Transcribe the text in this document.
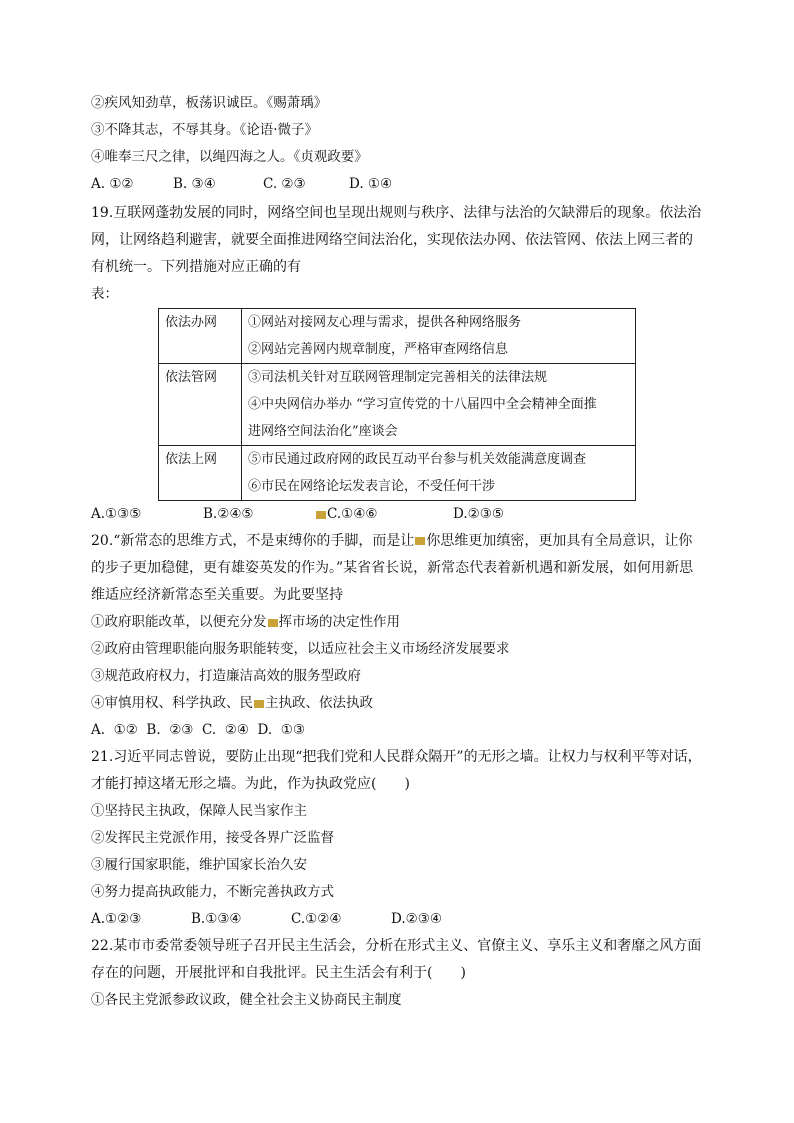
②疾风知劲草，板荡识诚臣。《赐萧瑀》
③不降其志，不辱其身。《论语·微子》
④唯奉三尺之律，以绳四海之人。《贞观政要》
A. ①②	B. ③④	C. ②③	D. ①④
19.互联网蓬勃发展的同时，网络空间也呈现出规则与秩序、法律与法治的欠缺滞后的现象。依法治
网，让网络趋利避害，就要全面推进网络空间法治化，实现依法办网、依法管网、依法上网三者的
有机统一。下列措施对应正确的有
表：
依法办网	①网站对接网友心理与需求，提供各种网络服务
②网站完善网内规章制度，严格审查网络信息

依法管网	③司法机关针对互联网管理制定完善相关的法律法规
④中央网信办举办 “学习宣传党的十八届四中全会精神全面推
进网络空间法治化”座谈会

依法上网	⑤市民通过政府网的政民互动平台参与机关效能满意度调查
⑥市民在网络论坛发表言论，不受任何干涉
A.①③⑤	B.②④⑤	C.①④⑥	D.②③⑤
20.“新常态的思维方式，不是束缚你的手脚，而是让 你思维更加缜密，更加具有全局意识，让你
的步子更加稳健，更有雄姿英发的作为。”某省省长说，新常态代表着新机遇和新发展，如何用新思
维适应经济新常态至关重要。为此要坚持
①政府职能改革，以便充分发 挥市场的决定性作用
②政府由管理职能向服务职能转变，以适应社会主义市场经济发展要求
③规范政府权力，打造廉洁高效的服务型政府
④审慎用权、科学执政、民 主执政、依法执政
A.  ①②  B.  ②③  C.  ②④  D.  ①③
21.习近平同志曾说，要防止出现“把我们党和人民群众隔开”的无形之墙。让权力与权利平等对话，
才能打掉这堵无形之墙。为此，作为执政党应(　　)
①坚持民主执政，保障人民当家作主
②发挥民主党派作用，接受各界广泛监督
③履行国家职能，维护国家长治久安
④努力提高执政能力，不断完善执政方式
A.①②③	B.①③④	C.①②④	D.②③④
22.某市市委常委领导班子召开民主生活会，分析在形式主义、官僚主义、享乐主义和奢靡之风方面
存在的问题，开展批评和自我批评。民主生活会有利于(　　)
①各民主党派参政议政，健全社会主义协商民主制度
